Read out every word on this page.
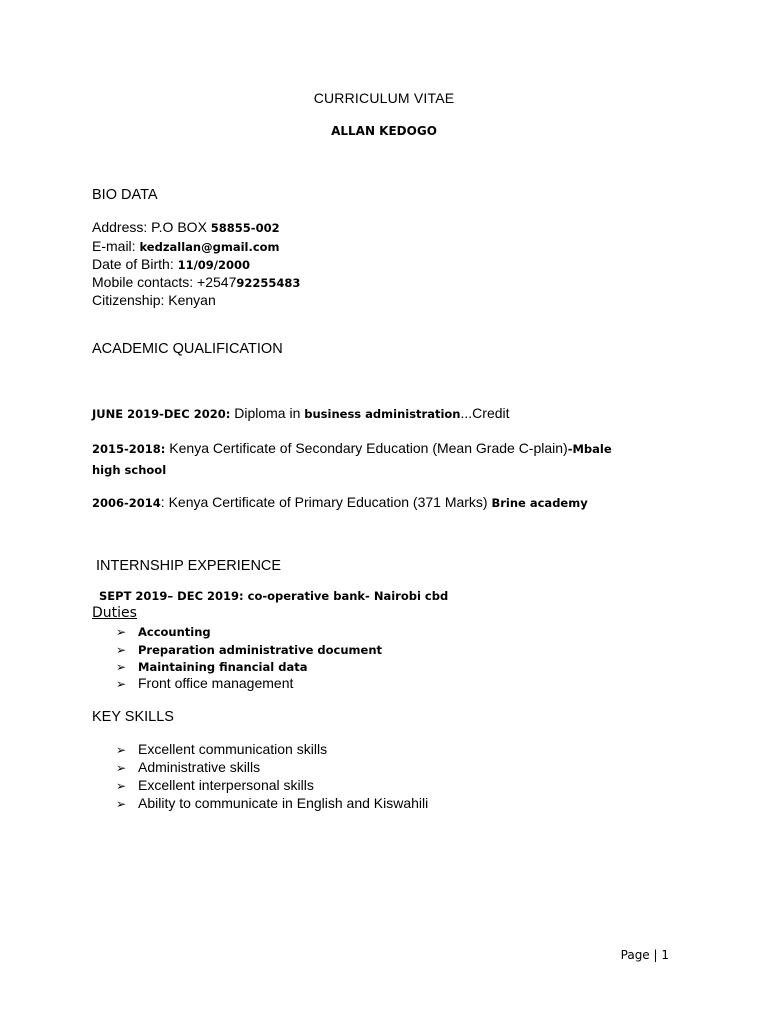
CURRICULUM VITAE
ALLAN KEDOGO
BIO DATA
Address: P.O BOX 58855-002
E-mail: kedzallan@gmail.com
Date of Birth: 11/09/2000
Mobile contacts: +254792255483
Citizenship: Kenyan
ACADEMIC QUALIFICATION
JUNE 2019-DEC 2020: Diploma in business administration...Credit
2015-2018: Kenya Certificate of Secondary Education (Mean Grade C-plain)-Mbale
high school
2006-2014: Kenya Certificate of Primary Education (371 Marks) Brine academy
INTERNSHIP EXPERIENCE
SEPT 2019– DEC 2019: co-operative bank- Nairobi cbd
Duties
➢ Accounting
➢ Preparation administrative document
➢ Maintaining financial data
➢ Front office management
KEY SKILLS
➢ Excellent communication skills
➢ Administrative skills
➢ Excellent interpersonal skills
➢ Ability to communicate in English and Kiswahili
Page | 1
